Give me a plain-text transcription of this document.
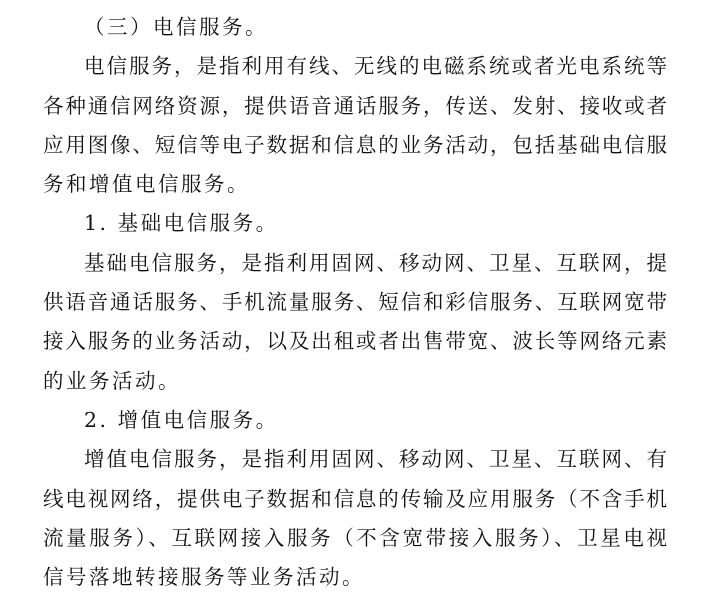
（三）电信服务。
电信服务，是指利用有线、无线的电磁系统或者光电系统等
各种通信网络资源，提供语音通话服务，传送、发射、接收或者
应用图像、短信等电子数据和信息的业务活动，包括基础电信服
务和增值电信服务。
1. 基础电信服务。
基础电信服务，是指利用固网、移动网、卫星、互联网，提
供语音通话服务、手机流量服务、短信和彩信服务、互联网宽带
接入服务的业务活动，以及出租或者出售带宽、波长等网络元素
的业务活动。
2. 增值电信服务。
增值电信服务，是指利用固网、移动网、卫星、互联网、有
线电视网络，提供电子数据和信息的传输及应用服务（不含手机
流量服务）、互联网接入服务（不含宽带接入服务）、卫星电视
信号落地转接服务等业务活动。
